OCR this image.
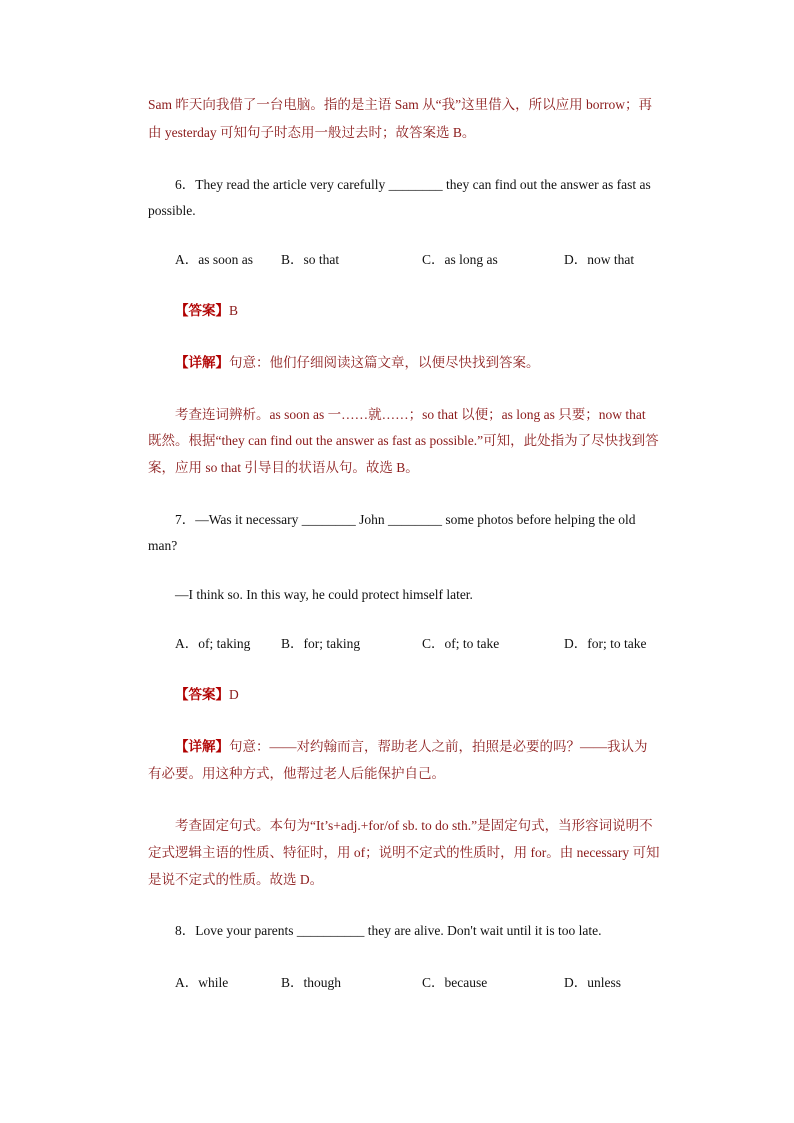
Sam 昨天向我借了一台电脑。指的是主语 Sam 从“我”这里借入，所以应用 borrow；再
由 yesterday 可知句子时态用一般过去时；故答案选 B。
6．They read the article very carefully ________ they can find out the answer as fast as
possible.
A．as soon as B．so that	C．as long as	D．now that
【答案】B
【详解】句意：他们仔细阅读这篇文章，以便尽快找到答案。
考查连词辨析。as soon as 一……就……；so that 以便；as long as 只要；now that
既然。根据“they can find out the answer as fast as possible.”可知，此处指为了尽快找到答
案，应用 so that 引导目的状语从句。故选 B。
7．—Was it necessary ________ John ________ some photos before helping the old
man?
—I think so. In this way, he could protect himself later.
A．of; taking B．for; taking	C．of; to take	D．for; to take
【答案】D
【详解】句意：——对约翰而言，帮助老人之前，拍照是必要的吗？——我认为
有必要。用这种方式，他帮过老人后能保护自己。
考查固定句式。本句为“It’s+adj.+for/of sb. to do sth.”是固定句式，当形容词说明不
定式逻辑主语的性质、特征时，用 of；说明不定式的性质时，用 for。由 necessary 可知
是说不定式的性质。故选 D。
8．Love your parents __________ they are alive. Don't wait until it is too late.
A．while	B．though	C．because	D．unless
